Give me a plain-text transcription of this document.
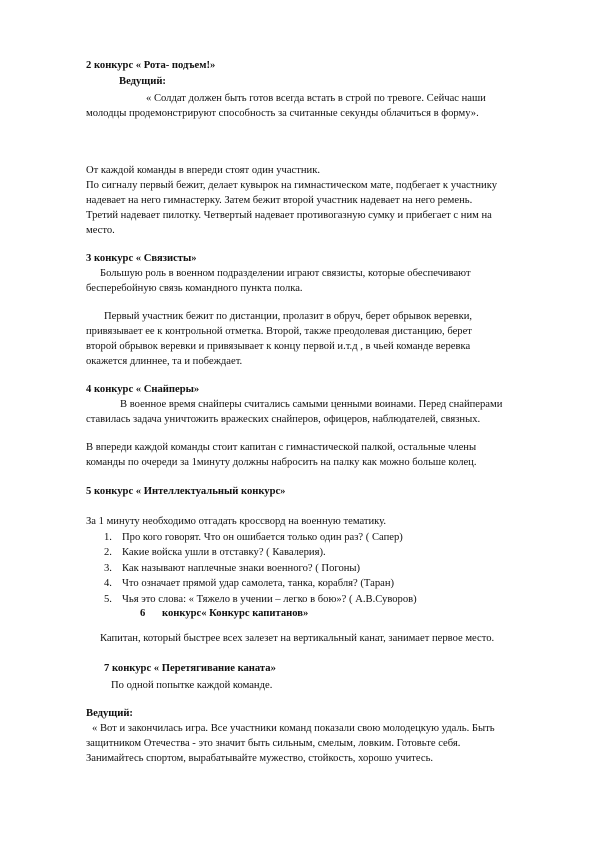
2 конкурс « Рота- подъем!»

Ведущий:

« Солдат должен быть готов всегда встать в строй по тревоге. Сейчас наши

молодцы продемонстрируют способность за считанные секунды облачиться в форму».

От каждой команды в впереди стоят один участник.

По сигналу первый бежит, делает кувырок на гимнастическом мате, подбегает к участнику

надевает на него гимнастерку. Затем бежит второй участник надевает на него ремень.

Третий надевает пилотку. Четвертый надевает противогазную сумку и прибегает с ним на

место.

3 конкурс « Связисты»

Большую роль в военном подразделении играют связисты, которые обеспечивают

бесперебойную связь командного пункта полка.

Первый участник бежит по дистанции, пролазит в обруч, берет обрывок веревки,

привязывает ее к контрольной отметка. Второй, также преодолевая дистанцию, берет

второй обрывок веревки и привязывает к концу первой и.т.д , в чьей команде веревка

окажется длиннее, та и побеждает.

4 конкурс « Снайперы»

В военное время снайперы считались самыми ценными воинами. Перед снайперами

ставилась задача уничтожить вражеских снайперов, офицеров, наблюдателей, связных.

В впереди каждой команды стоит капитан с гимнастической палкой, остальные члены

команды по очереди за 1минуту должны набросить на палку как можно больше колец.

5 конкурс « Интеллектуальный конкурс»

За 1 минуту необходимо отгадать кроссворд на военную тематику.

1. Про кого говорят. Что он ошибается только один раз? ( Сапер)
2. Какие войска ушли в отставку? ( Кавалерия).
3. Как называют наплечные знаки военного? ( Погоны)
4. Что означает прямой удар самолета, танка, корабля? (Таран)
5. Чья это слова: « Тяжело в учении – легко в бою»? ( А.В.Суворов)

6 конкурс« Конкурс капитанов»

Капитан, который быстрее всех залезет на вертикальный канат, занимает первое место.

7 конкурс « Перетягивание каната»

По одной попытке каждой команде.

Ведущий:

« Вот и закончилась игра. Все участники команд показали свою молодецкую удаль. Быть

защитником Отечества - это значит быть сильным, смелым, ловким. Готовьте себя.

Занимайтесь спортом, вырабатывайте мужество, стойкость, хорошо учитесь.
